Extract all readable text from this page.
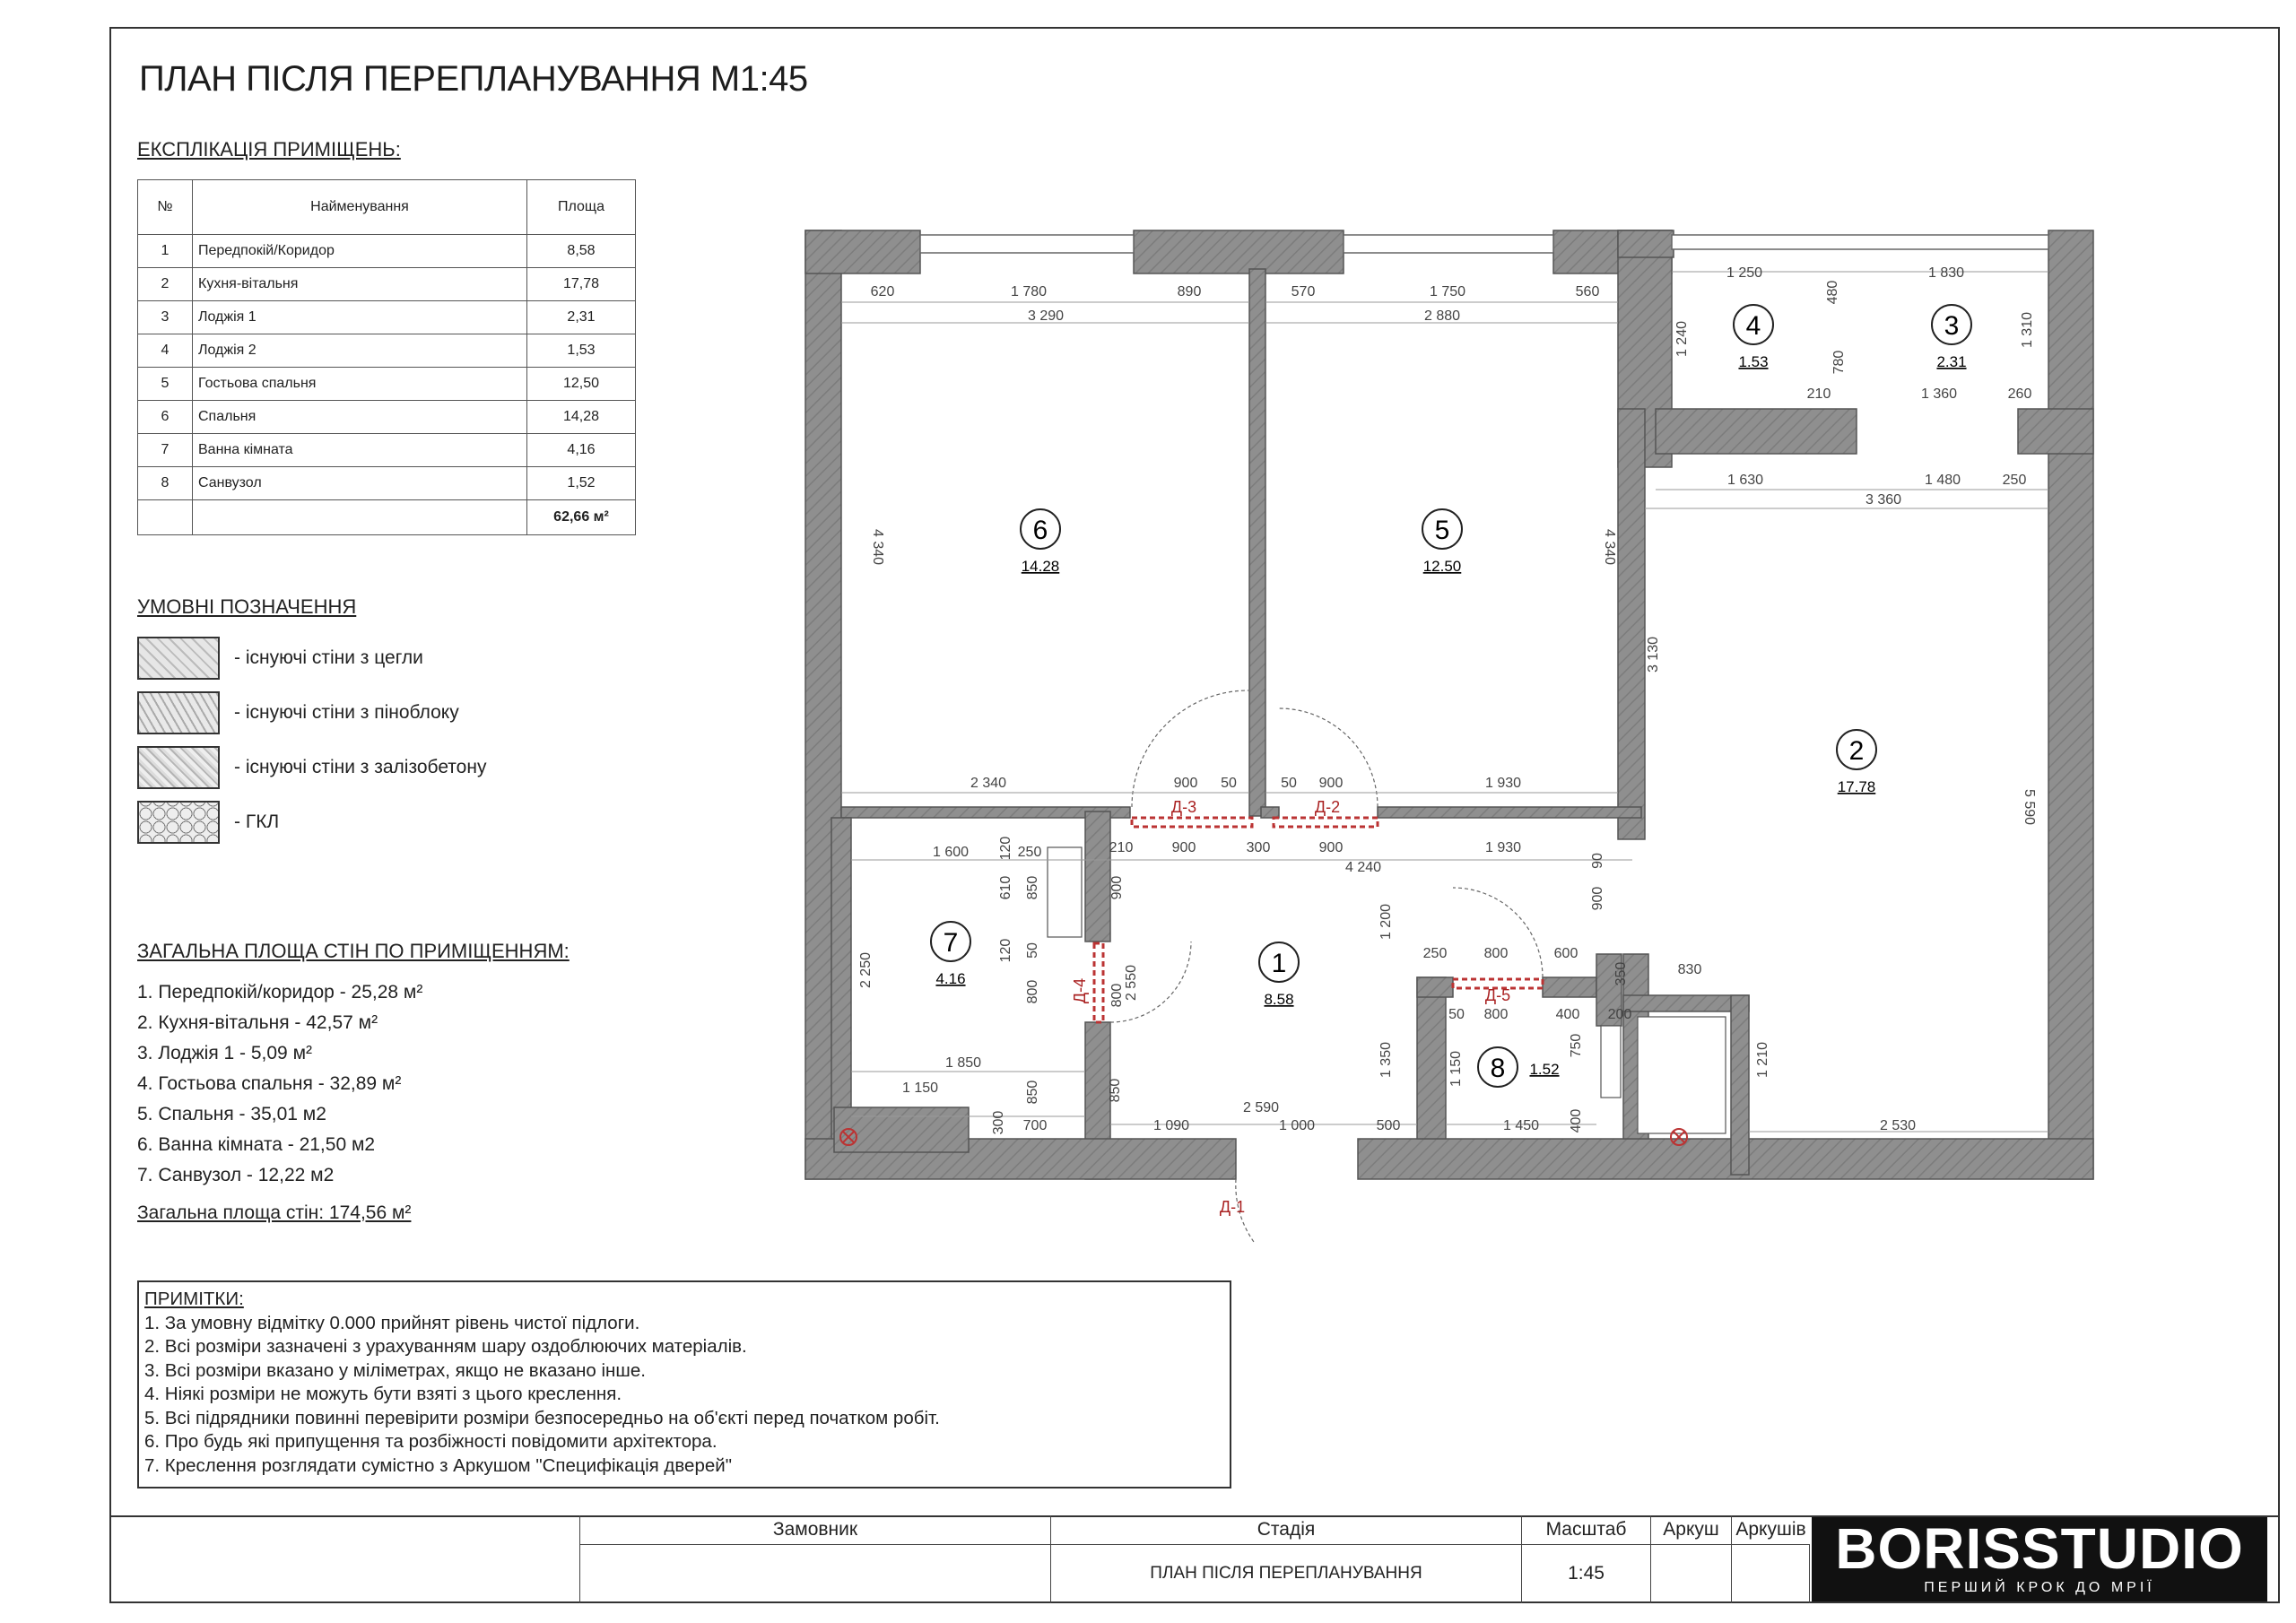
ПЛАН ПІСЛЯ ПЕРЕПЛАНУВАННЯ М1:45
ЕКСПЛІКАЦІЯ ПРИМІЩЕНЬ:
№	Найменування	Площа
1	Передпокій/Коридор	8,58
2	Кухня-вітальня	17,78
3	Лоджія 1	2,31
4	Лоджія 2	1,53
5	Гостьова спальня	12,50
6	Спальня	14,28
7	Ванна кімната	4,16
8	Санвузол	1,52
		62,66 м²
УМОВНІ ПОЗНАЧЕННЯ
- існуючі стіни з цегли
- існуючі стіни з піноблоку
- існуючі стіни з залізобетону
- ГКЛ
ЗАГАЛЬНА ПЛОЩА СТІН ПО ПРИМІЩЕННЯМ:
1. Передпокій/коридор - 25,28 м²
2. Кухня-вітальня - 42,57 м²
3. Лоджія 1 - 5,09 м²
4. Гостьова спальня - 32,89 м²
5. Спальня - 35,01 м2
6. Ванна кімната - 21,50 м2
7. Санвузол - 12,22 м2
Загальна площа стін: 174,56 м²
ПРИМІТКИ:
1. За умовну відмітку 0.000 прийнят рівень чистої підлоги.
2. Всі розміри зазначені з урахуванням шару оздоблюючих матеріалів.
3. Всі розміри вказано у міліметрах, якщо не вказано інше.
4. Ніякі розміри не можуть бути взяті з цього креслення.
5. Всі підрядники повинні перевірити розміри безпосередньо на об'єкті перед початком робіт.
6. Про будь які припущення та розбіжності повідомити архітектора.
7. Креслення розглядати сумістно з Аркушом "Специфікація дверей"
Замовник	Стадія	Масштаб	Аркуш Аркушів
ПЛАН ПІСЛЯ ПЕРЕПЛАНУВАННЯ	1:45	BORISSTUDIO
ПЕРШИЙ КРОК ДО МРІЇ
1
8.58
2
17.78
3
2.31
4
1.53
5
12.50
6
14.28
7
4.16
8 1.52
Д-1
Д-2
Д-3
Д-4	Д-5
620	1 780	890
3 290
570	1 750	560
2 880
1 250	1 830
1 240	1 310
480
780
210	1 360	260
1 630	1 480	250
3 360
4 340	4 340
3 130
5 590
2 340	900 50	50 900	1 930
210	900	300	900	1 930
4 240	90
1 600 120 250
610 850
120 50
900
1 200
900
2 250
800	2 550
800
250	800	600
350	830
50 800	400 200
1 850
1 150	850
300 700
1 350	1 150
750	1 210
850
1 090
2 590
1 000	500	1 450 400	2 530
